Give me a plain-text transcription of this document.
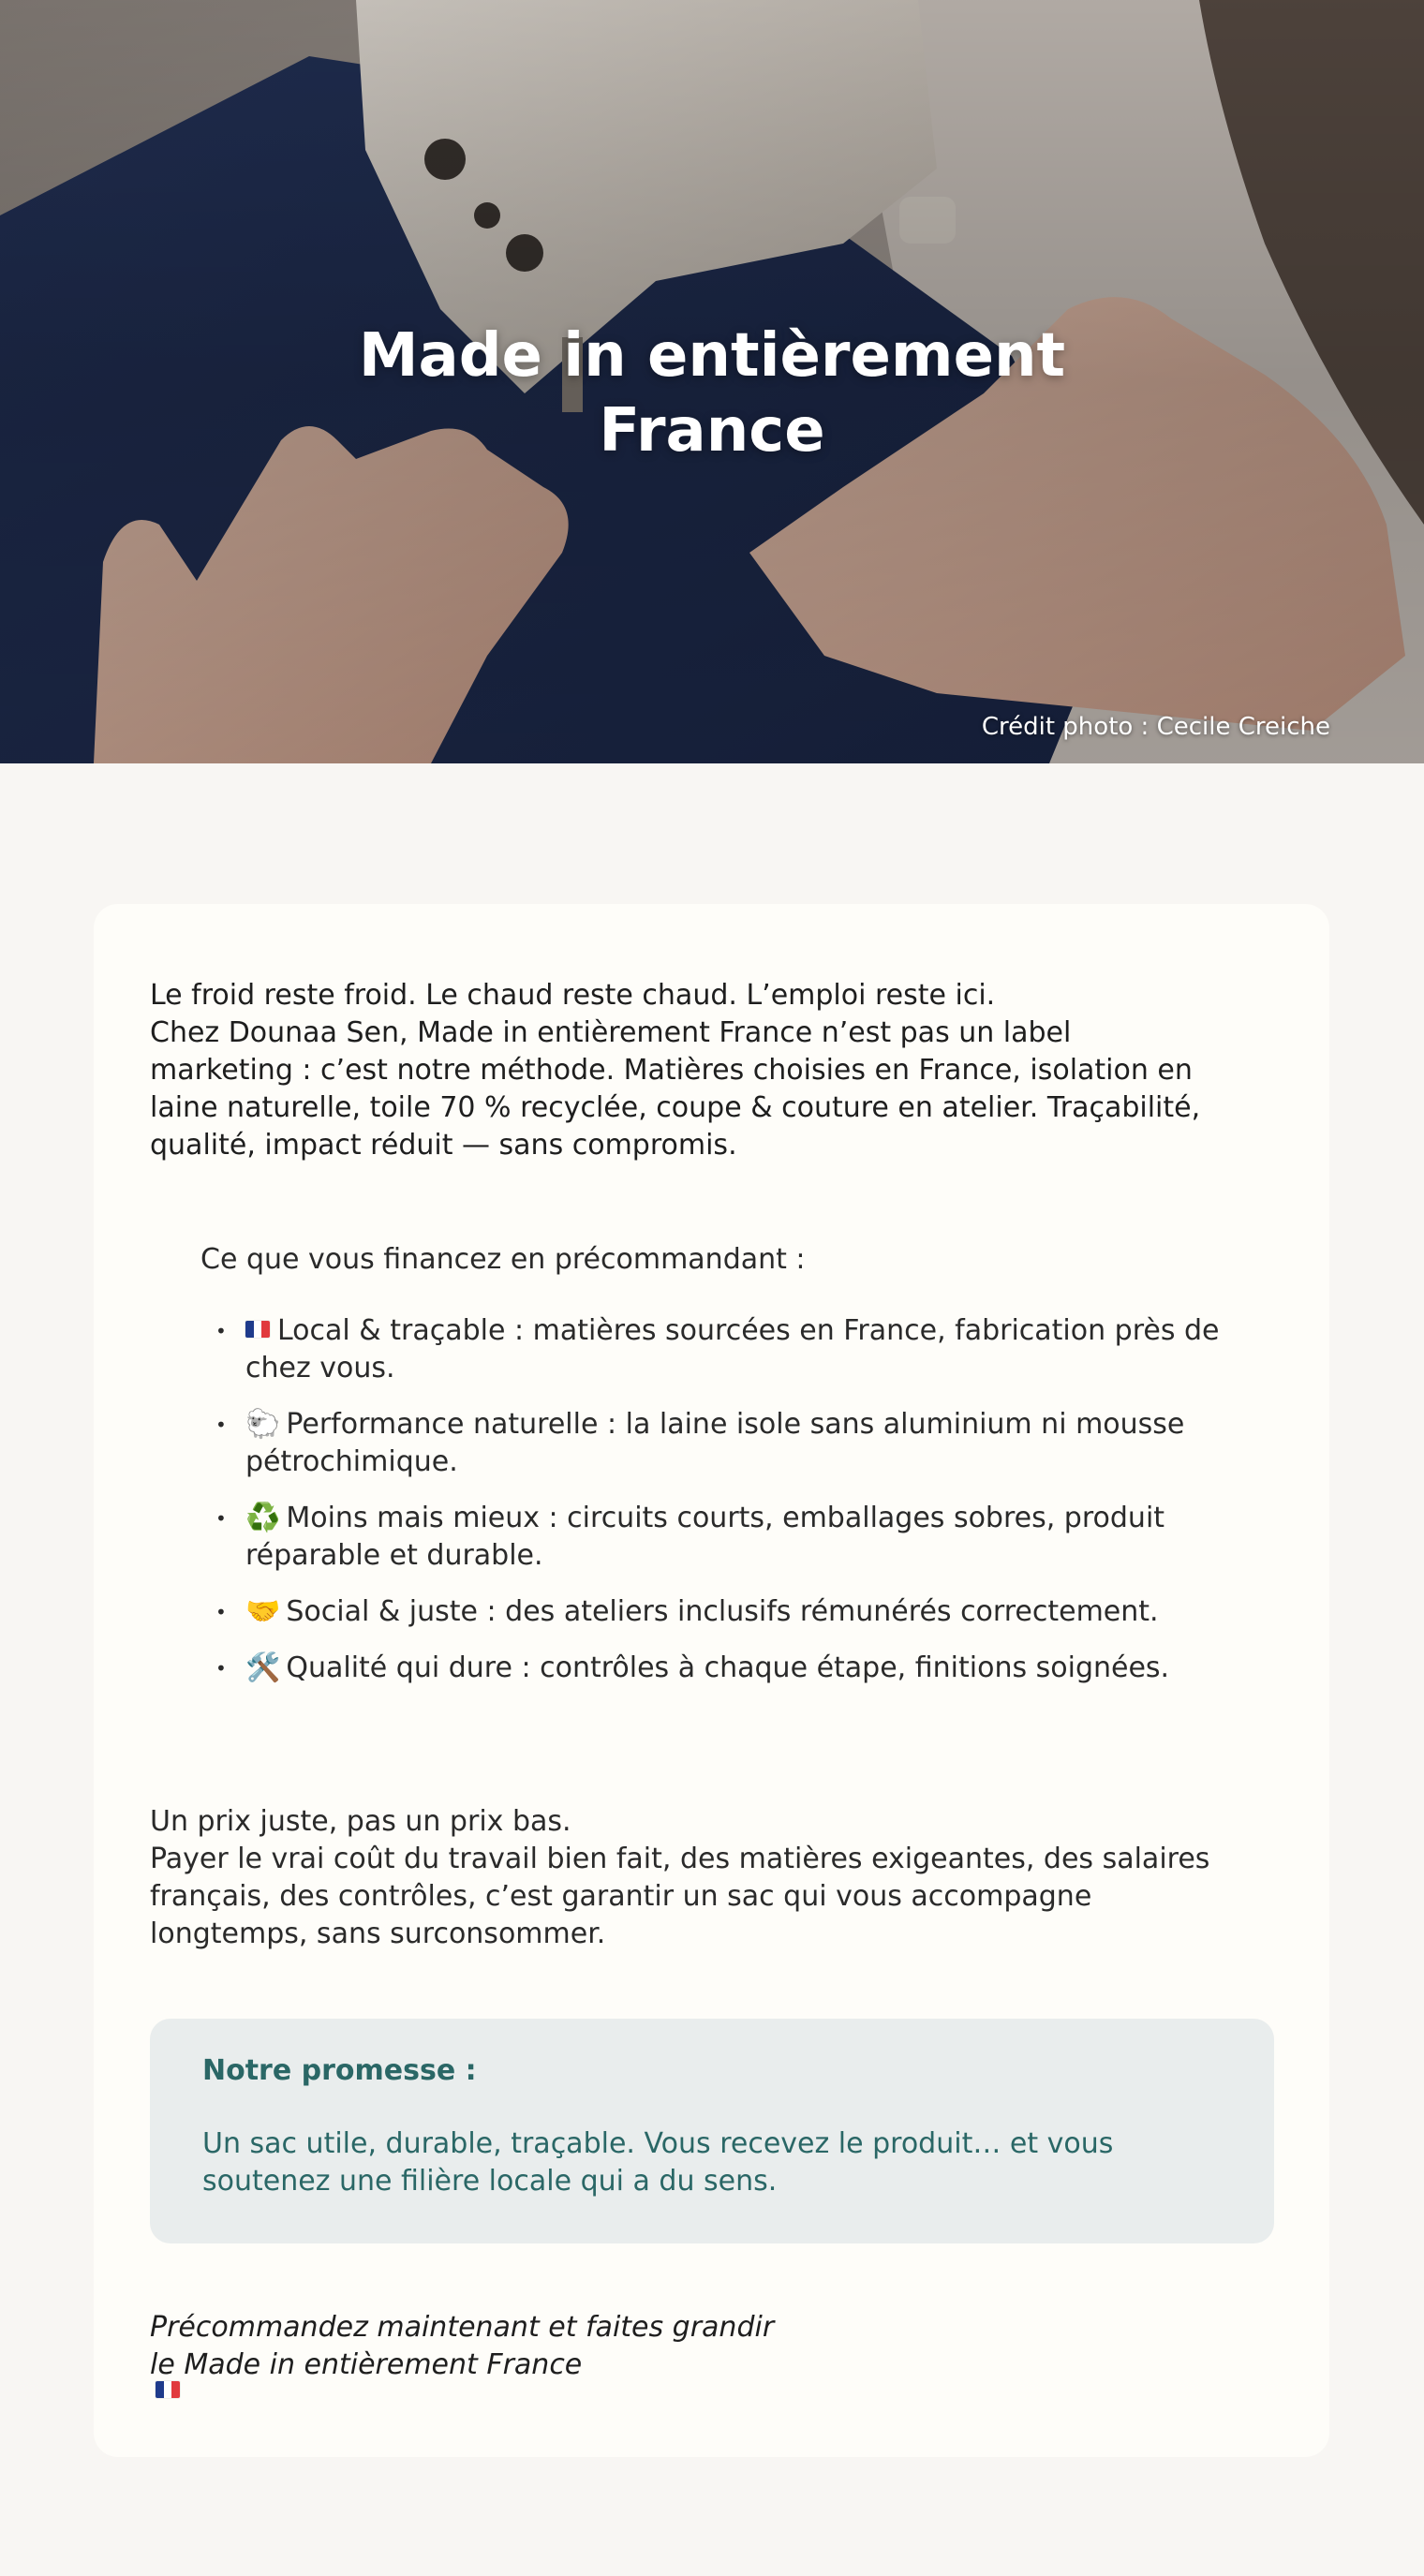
Made in entièrement
France
Crédit photo : Cecile Creiche

Le froid reste froid. Le chaud reste chaud. L’emploi reste ici.
Chez Dounaa Sen, Made in entièrement France n’est pas un label
marketing : c’est notre méthode. Matières choisies en France, isolation en
laine naturelle, toile 70 % recyclée, coupe & couture en atelier. Traçabilité,
qualité, impact réduit — sans compromis.

Ce que vous financez en précommandant :

• Local & traçable : matières sourcées en France, fabrication près de chez vous.
• 🐑 Performance naturelle : la laine isole sans aluminium ni mousse pétrochimique.
• ♻️ Moins mais mieux : circuits courts, emballages sobres, produit réparable et durable.
• 🤝 Social & juste : des ateliers inclusifs rémunérés correctement.
• 🛠️ Qualité qui dure : contrôles à chaque étape, finitions soignées.
Un prix juste, pas un prix bas.
Payer le vrai coût du travail bien fait, des matières exigeantes, des salaires
français, des contrôles, c’est garantir un sac qui vous accompagne
longtemps, sans surconsommer.

Notre promesse :

Un sac utile, durable, traçable. Vous recevez le produit… et vous soutenez une filière locale qui a du sens.

Précommandez maintenant et faites grandir
le Made in entièrement France
